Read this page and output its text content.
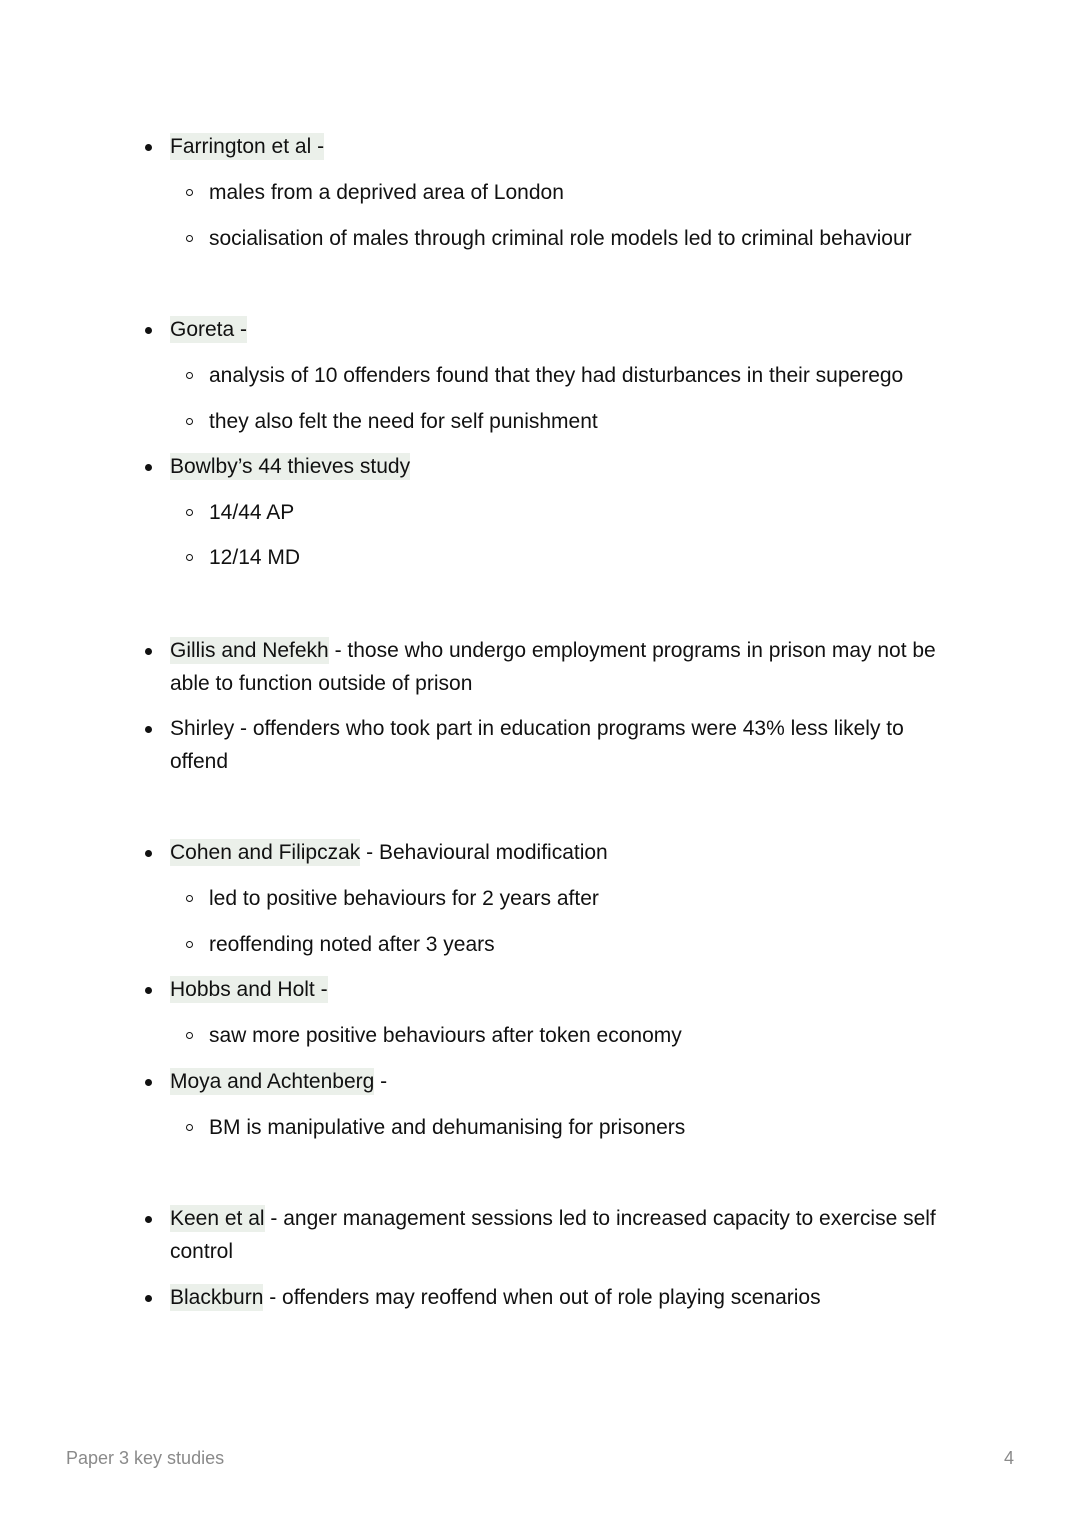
Farrington et al -
males from a deprived area of London
socialisation of males through criminal role models led to criminal behaviour
Goreta -
analysis of 10 offenders found that they had disturbances in their superego
they also felt the need for self punishment
Bowlby’s 44 thieves study
14/44 AP
12/14 MD
Gillis and Nefekh - those who undergo employment programs in prison may not be able to function outside of prison
Shirley - offenders who took part in education programs were 43% less likely to offend
Cohen and Filipczak - Behavioural modification
led to positive behaviours for 2 years after
reoffending noted after 3 years
Hobbs and Holt -
saw more positive behaviours after token economy
Moya and Achtenberg -
BM is manipulative and dehumanising for prisoners
Keen et al - anger management sessions led to increased capacity to exercise self control
Blackburn - offenders may reoffend when out of role playing scenarios
Paper 3 key studies	4
